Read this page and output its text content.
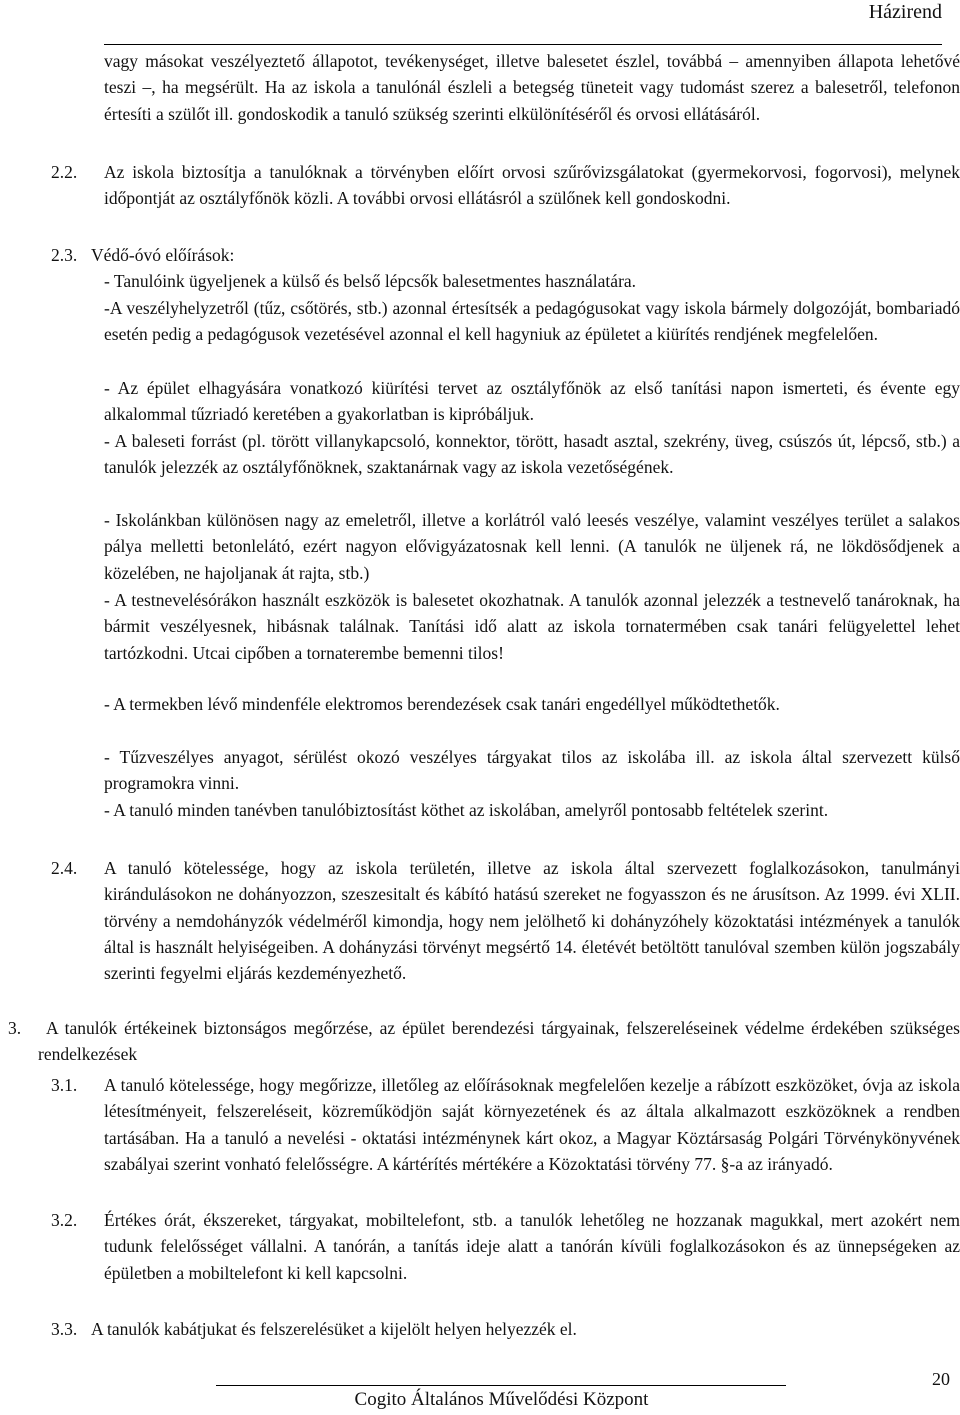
Házirend
vagy másokat veszélyeztető állapotot, tevékenységet, illetve balesetet észlel, továbbá – amennyiben állapota lehetővé teszi –, ha megsérült. Ha az iskola a tanulónál észleli a betegség tüneteit vagy tudomást szerez a balesetről, telefonon értesíti a szülőt ill. gondoskodik a tanuló szükség szerinti elkülönítéséről és orvosi ellátásáról.
2.2. Az iskola biztosítja a tanulóknak a törvényben előírt orvosi szűrővizsgálatokat (gyermekorvosi, fogorvosi), melynek időpontját az osztályfőnök közli. A további orvosi ellátásról a szülőnek kell gondoskodni.
2.3. Védő-óvó előírások:
- Tanulóink ügyeljenek a külső és belső lépcsők balesetmentes használatára.
-A veszélyhelyzetről (tűz, csőtörés, stb.) azonnal értesítsék a pedagógusokat vagy iskola bármely dolgozóját, bombariadó esetén pedig a pedagógusok vezetésével azonnal el kell hagyniuk az épületet a kiürítés rendjének megfelelően.
- Az épület elhagyására vonatkozó kiürítési tervet az osztályfőnök az első tanítási napon ismerteti, és évente egy alkalommal tűzriadó keretében a gyakorlatban is kipróbáljuk.
- A baleseti forrást (pl. törött villanykapcsoló, konnektor, törött, hasadt asztal, szekrény, üveg, csúszós út, lépcső, stb.) a tanulók jelezzék az osztályfőnöknek, szaktanárnak vagy az iskola vezetőségének.
- Iskolánkban különösen nagy az emeletről, illetve a korlátról való leesés veszélye, valamint veszélyes terület a salakos pálya melletti betonlelátó, ezért nagyon elővigyázatosnak kell lenni. (A tanulók ne üljenek rá, ne lökdösődjenek a közelében, ne hajoljanak át rajta, stb.)
- A testnevelésórákon használt eszközök is balesetet okozhatnak. A tanulók azonnal jelezzék a testnevelő tanároknak, ha bármit veszélyesnek, hibásnak találnak. Tanítási idő alatt az iskola tornatermében csak tanári felügyelettel lehet tartózkodni. Utcai cipőben a tornaterembe bemenni tilos!
- A termekben lévő mindenféle elektromos berendezések csak tanári engedéllyel működtethetők.
- Tűzveszélyes anyagot, sérülést okozó veszélyes tárgyakat tilos az iskolába ill. az iskola által szervezett külső programokra vinni.
- A tanuló minden tanévben tanulóbiztosítást köthet az iskolában, amelyről pontosabb feltételek szerint.
2.4. A tanuló kötelessége, hogy az iskola területén, illetve az iskola által szervezett foglalkozásokon, tanulmányi kirándulásokon ne dohányozzon, szeszesitalt és kábító hatású szereket ne fogyasszon és ne árusítson. Az 1999. évi XLII. törvény a nemdohányzók védelméről kimondja, hogy nem jelölhető ki dohányzóhely közoktatási intézmények a tanulók által is használt helyiségeiben. A dohányzási törvényt megsértő 14. életévét betöltött tanulóval szemben külön jogszabály szerinti fegyelmi eljárás kezdeményezhető.
3.	A tanulók értékeinek biztonságos megőrzése, az épület berendezési tárgyainak, felszereléseinek védelme érdekében szükséges rendelkezések
3.1. A tanuló kötelessége, hogy megőrizze, illetőleg az előírásoknak megfelelően kezelje a rábízott eszközöket, óvja az iskola létesítményeit, felszereléseit, közreműködjön saját környezetének és az általa alkalmazott eszközöknek a rendben tartásában. Ha a tanuló a nevelési - oktatási intézménynek kárt okoz, a Magyar Köztársaság Polgári Törvénykönyvének szabályai szerint vonható felelősségre. A kártérítés mértékére a Közoktatási törvény 77. §-a az irányadó.
3.2. Értékes órát, ékszereket, tárgyakat, mobiltelefont, stb. a tanulók lehetőleg ne hozzanak magukkal, mert azokért nem tudunk felelősséget vállalni. A tanórán, a tanítás ideje alatt a tanórán kívüli foglalkozásokon és az ünnepségeken az épületben a mobiltelefont ki kell kapcsolni.
3.3. A tanulók kabátjukat és felszerelésüket a kijelölt helyen helyezzék el.
20
Cogito Általános Művelődési Központ
